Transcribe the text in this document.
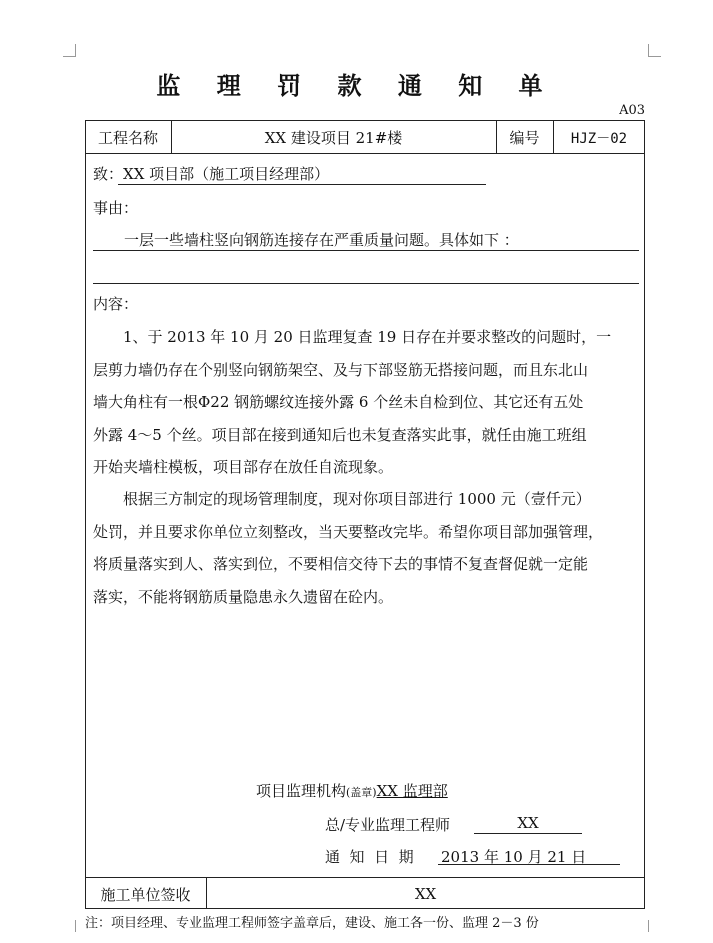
监 理 罚 款 通 知 单
A03
工程名称	XX 建设项目 21#楼	编号	HJZ－02
致：XX 项目部（施工项目经理部）
事由：
一层一些墙柱竖向钢筋连接存在严重质量问题。具体如下 ：
内容：
1、于 2013 年 10 月 20 日监理复查 19 日存在并要求整改的问题时，一
层剪力墙仍存在个别竖向钢筋架空、及与下部竖筋无搭接问题，而且东北山
墙大角柱有一根Φ22 钢筋螺纹连接外露 6 个丝未自检到位、其它还有五处
外露 4～5 个丝。项目部在接到通知后也未复查落实此事，就任由施工班组
开始夹墙柱模板，项目部存在放任自流现象。
根据三方制定的现场管理制度，现对你项目部进行 1000 元（壹仟元）
处罚，并且要求你单位立刻整改，当天要整改完毕。希望你项目部加强管理，
将质量落实到人、落实到位，不要相信交待下去的事情不复查督促就一定能
落实，不能将钢筋质量隐患永久遗留在砼内。
项目监理机构(盖章)XX 监理部
总/专业监理工程师	XX
通  知  日  期 2013 年 10 月 21 日
施工单位签收	XX
注：项目经理、专业监理工程师签字盖章后，建设、施工各一份、监理 2－3 份
